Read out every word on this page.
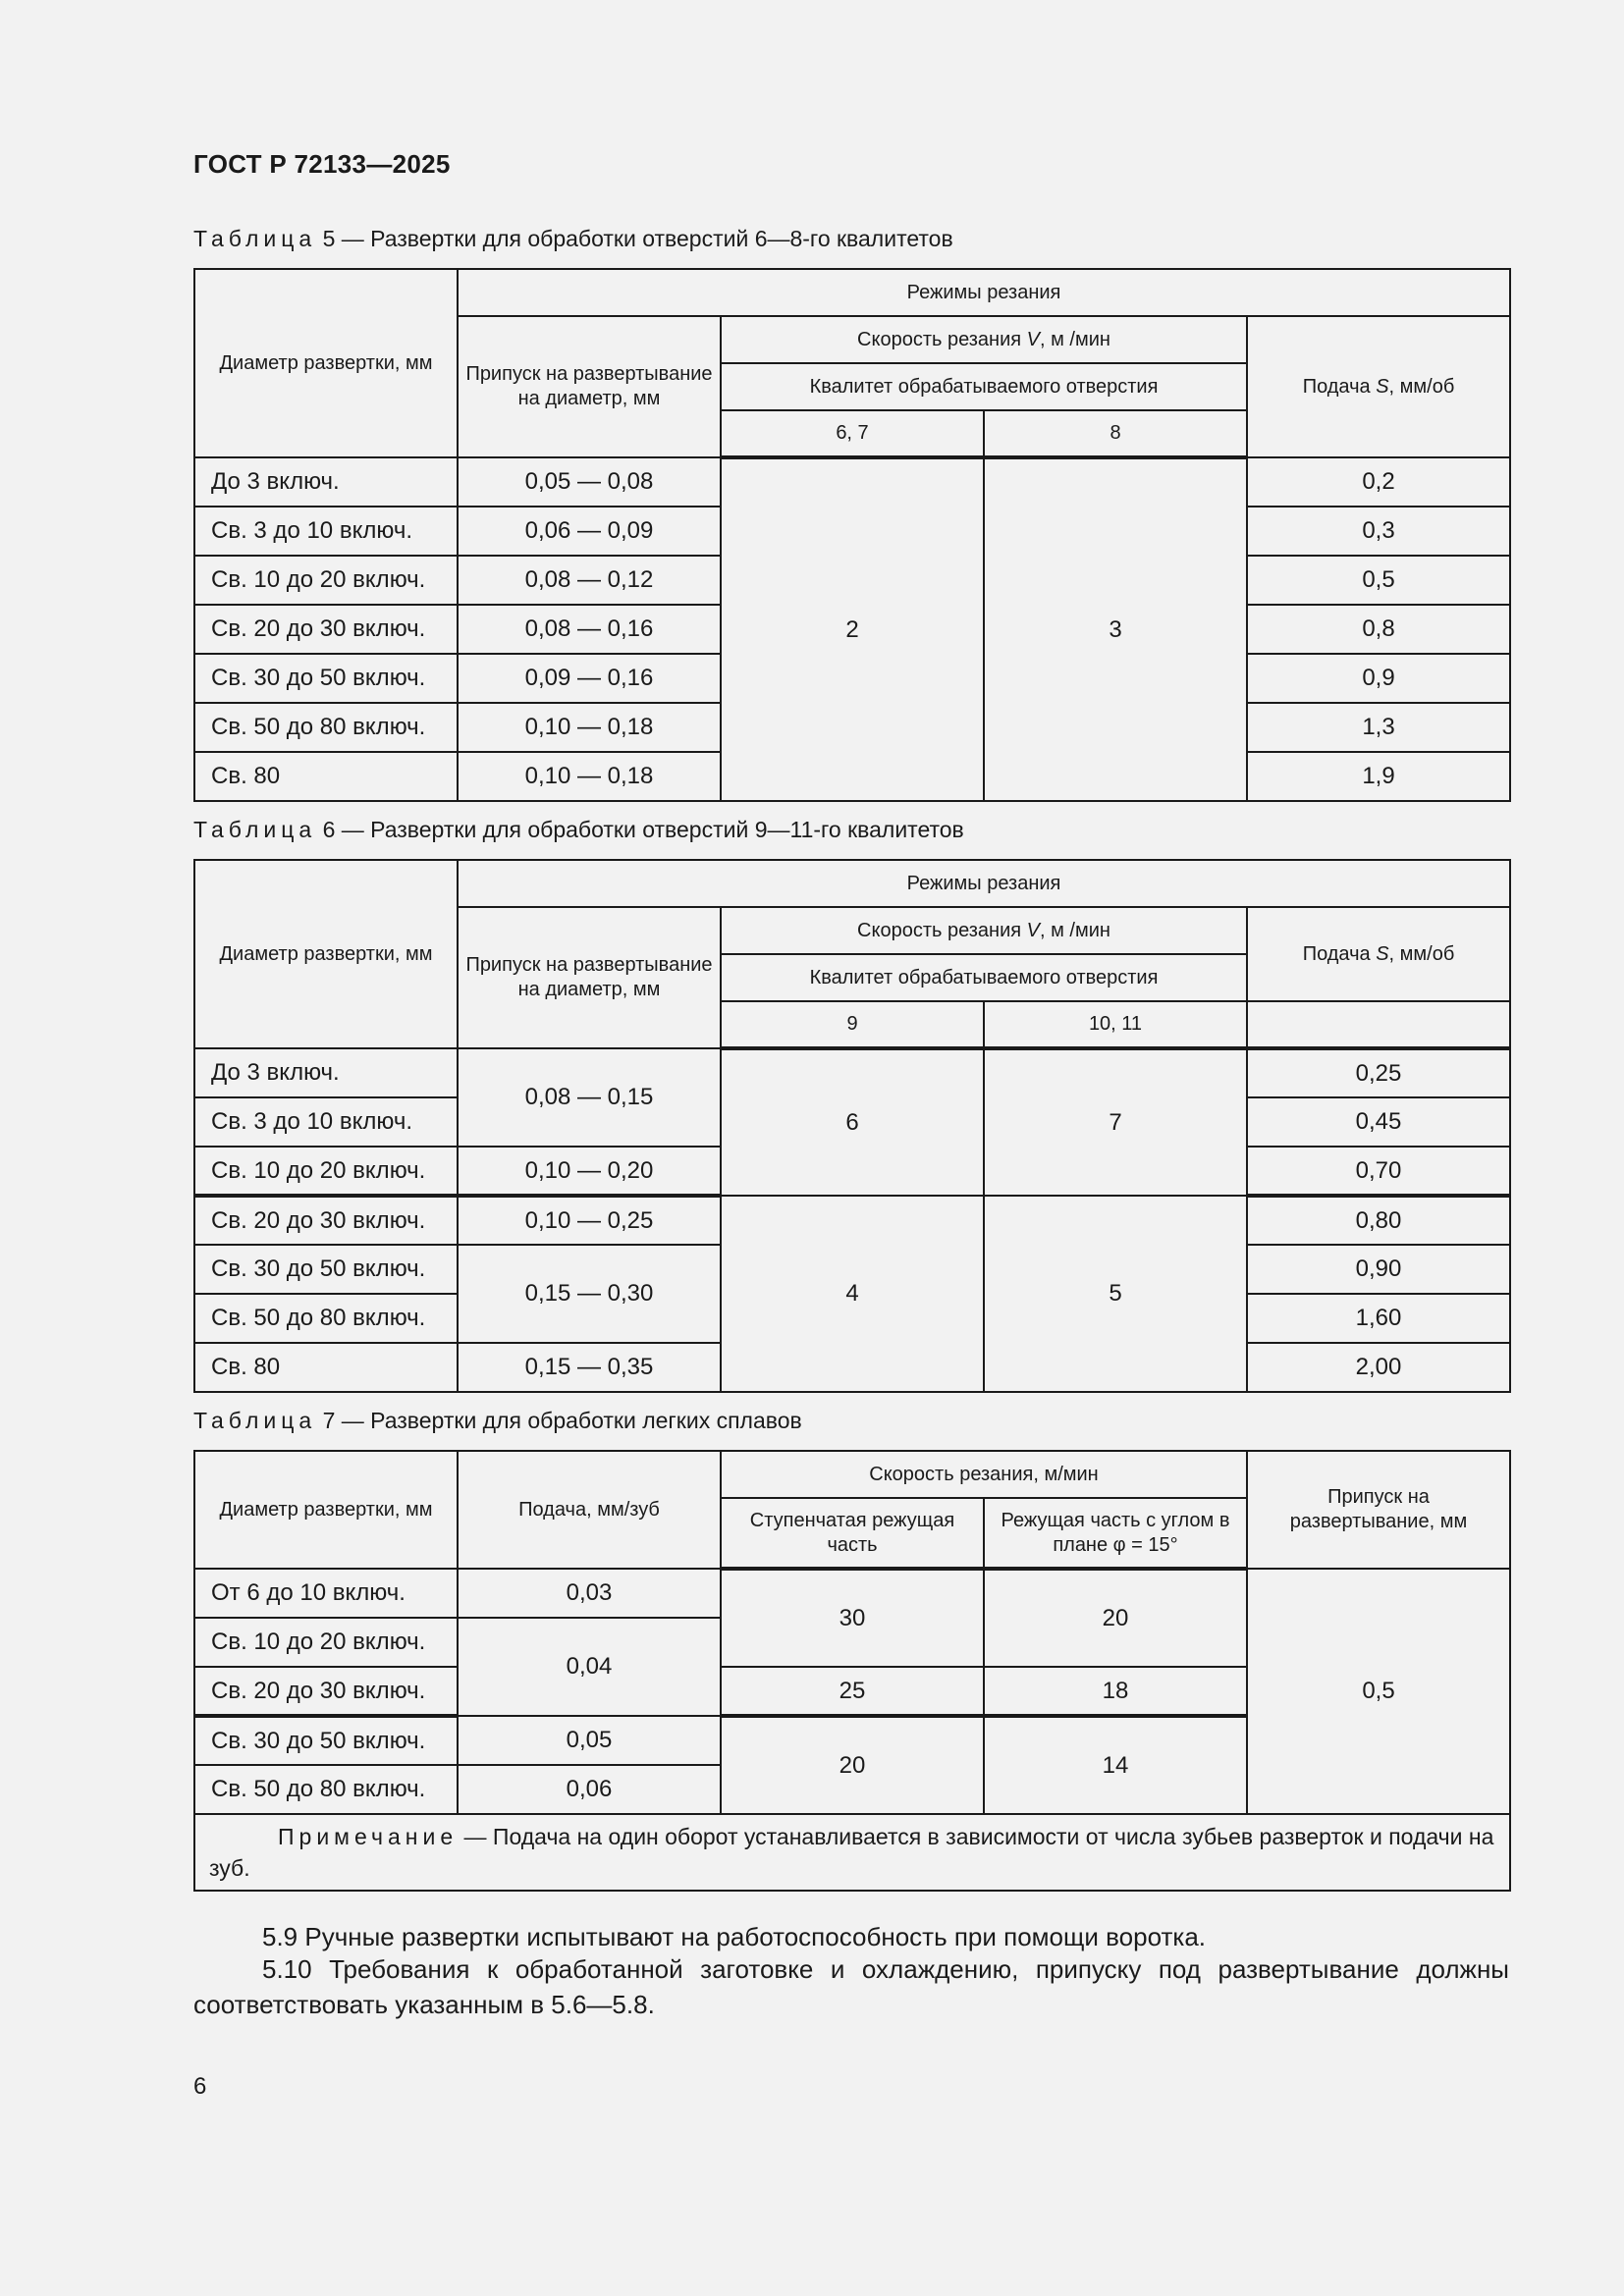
ГОСТ Р 72133—2025
Таблица 5 — Развертки для обработки отверстий 6—8-го квалитетов
Диаметр развертки, мм	Режимы резания			
	Припуск на развертывание на диаметр, мм	Скорость резания V, м /мин		Подача S, мм/об
		Квалитет обрабатываемого отверстия		
		6, 7	8	
До 3 включ.	0,05 — 0,08	2	3	0,2
Св. 3 до 10 включ.	0,06 — 0,09			0,3
Св. 10 до 20 включ.	0,08 — 0,12			0,5
Св. 20 до 30 включ.	0,08 — 0,16			0,8
Св. 30 до 50 включ.	0,09 — 0,16			0,9
Св. 50 до 80 включ.	0,10 — 0,18			1,3
Св. 80	0,10 — 0,18			1,9
Таблица 6 — Развертки для обработки отверстий 9—11-го квалитетов
Диаметр развертки, мм	Режимы резания			
	Припуск на развертывание на диаметр, мм	Скорость резания V, м /мин		Подача S, мм/об
		Квалитет обрабатываемого отверстия		
		9	10, 11	
До 3 включ.	0,08 — 0,15	6	7	0,25
Св. 3 до 10 включ.				0,45
Св. 10 до 20 включ.	0,10 — 0,20			0,70
Св. 20 до 30 включ.	0,10 — 0,25	4	5	0,80
Св. 30 до 50 включ.	0,15 — 0,30			0,90
Св. 50 до 80 включ.				1,60
Св. 80	0,15 — 0,35			2,00
Таблица 7 — Развертки для обработки легких сплавов
Диаметр развертки, мм	Подача, мм/зуб	Скорость резания, м/мин		Припуск на развертывание, мм
		Ступенчатая режущая часть	Режущая часть с углом в плане φ = 15°	
От 6 до 10 включ.	0,03	30	20	0,5
Св. 10 до 20 включ.	0,04			
Св. 20 до 30 включ.		25	18	
Св. 30 до 50 включ.	0,05	20	14	
Св. 50 до 80 включ.	0,06			
Примечание — Подача на один оборот устанавливается в зависимости от числа зубьев разверток и подачи на зуб.				
5.9 Ручные развертки испытывают на работоспособность при помощи воротка.
5.10 Требования к обработанной заготовке и охлаждению, припуску под развертывание должны соответствовать указанным в 5.6—5.8.
6
